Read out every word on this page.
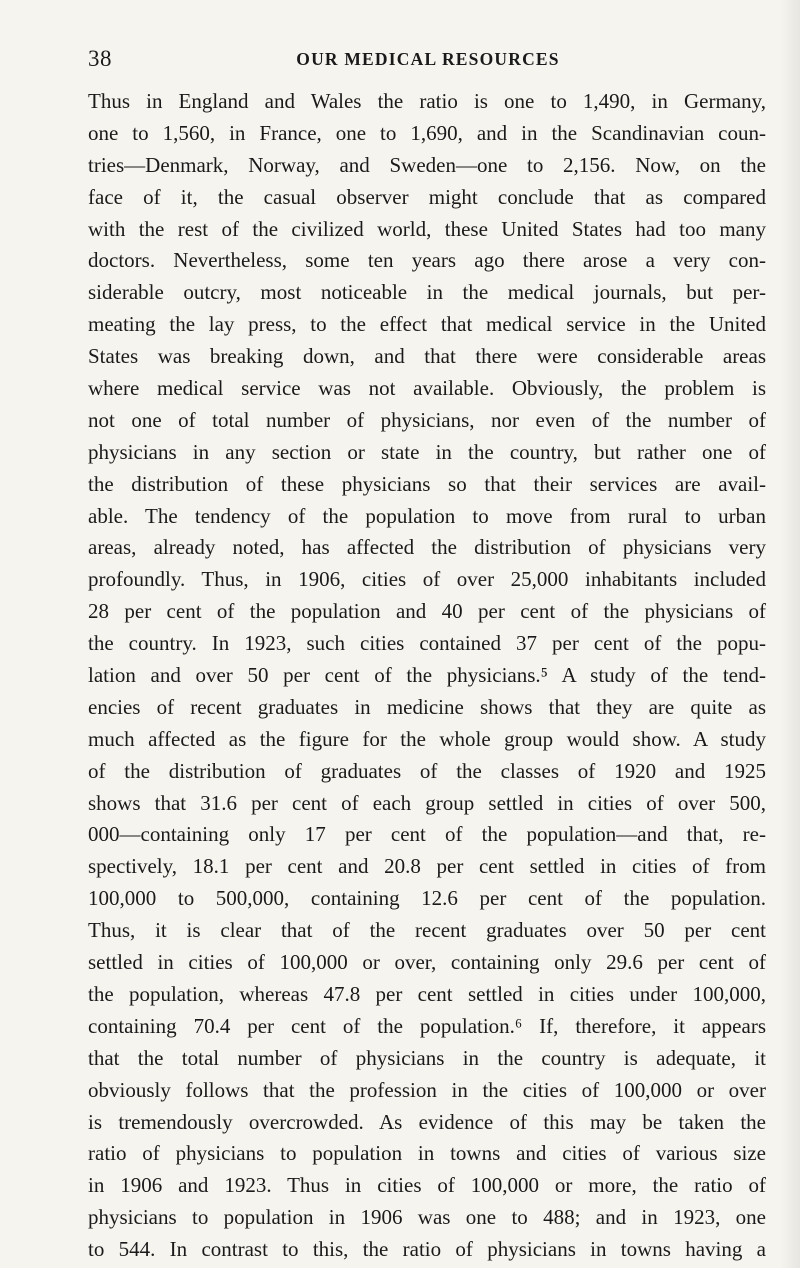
38	OUR MEDICAL RESOURCES
Thus in England and Wales the ratio is one to 1,490, in Germany,
one to 1,560, in France, one to 1,690, and in the Scandinavian coun-
tries—Denmark, Norway, and Sweden—one to 2,156. Now, on the
face of it, the casual observer might conclude that as compared
with the rest of the civilized world, these United States had too many
doctors. Nevertheless, some ten years ago there arose a very con-
siderable outcry, most noticeable in the medical journals, but per-
meating the lay press, to the effect that medical service in the United
States was breaking down, and that there were considerable areas
where medical service was not available. Obviously, the problem is
not one of total number of physicians, nor even of the number of
physicians in any section or state in the country, but rather one of
the distribution of these physicians so that their services are avail-
able. The tendency of the population to move from rural to urban
areas, already noted, has affected the distribution of physicians very
profoundly. Thus, in 1906, cities of over 25,000 inhabitants included
28 per cent of the population and 40 per cent of the physicians of
the country. In 1923, such cities contained 37 per cent of the popu-
lation and over 50 per cent of the physicians.⁵ A study of the tend-
encies of recent graduates in medicine shows that they are quite as
much affected as the figure for the whole group would show. A study
of the distribution of graduates of the classes of 1920 and 1925
shows that 31.6 per cent of each group settled in cities of over 500,
000—containing only 17 per cent of the population—and that, re-
spectively, 18.1 per cent and 20.8 per cent settled in cities of from
100,000 to 500,000, containing 12.6 per cent of the population.
Thus, it is clear that of the recent graduates over 50 per cent
settled in cities of 100,000 or over, containing only 29.6 per cent of
the population, whereas 47.8 per cent settled in cities under 100,000,
containing 70.4 per cent of the population.⁶ If, therefore, it appears
that the total number of physicians in the country is adequate, it
obviously follows that the profession in the cities of 100,000 or over
is tremendously overcrowded. As evidence of this may be taken the
ratio of physicians to population in towns and cities of various size
in 1906 and 1923. Thus in cities of 100,000 or more, the ratio of
physicians to population in 1906 was one to 488; and in 1923, one
to 544. In contrast to this, the ratio of physicians in towns having a
